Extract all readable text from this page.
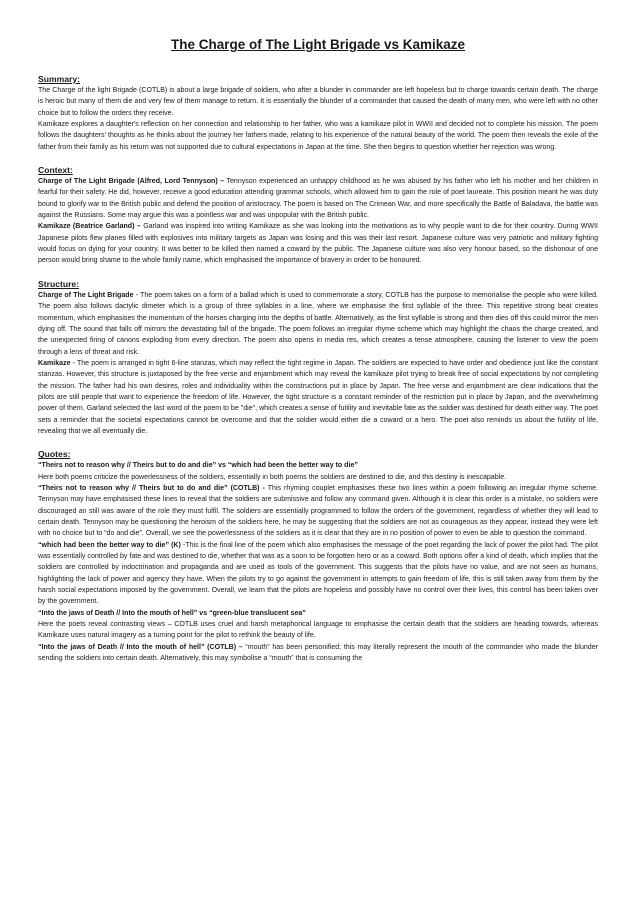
The Charge of The Light Brigade vs Kamikaze

Summary:

The Charge of the light Brigade (COTLB) is about a large brigade of soldiers, who after a blunder in commander are left hopeless but to charge towards certain death. The charge is heroic but many of them die and very few of them manage to return. It is essentially the blunder of a commander that caused the death of many men, who were left with no other choice but to follow the orders they receive.

Kamikaze explores a daughter's reflection on her connection and relationship to her father, who was a kamikaze pilot in WWII and decided not to complete his mission. The poem follows the daughters' thoughts as he thinks about the journey her fathers made, relating to his experience of the natural beauty of the world. The poem then reveals the exile of the father from their family as his return was not supported due to cultural expectations in Japan at the time. She then begins to question whether her rejection was wrong.

Context:

Charge of The Light Brigade (Alfred, Lord Tennyson) – Tennyson experienced an unhappy childhood as he was abused by his father who left his mother and her children in fearful for their safety. He did, however, receive a good education attending grammar schools, which allowed him to gain the role of poet laureate. This position meant he was duty bound to glorify war to the British public and defend the position of aristocracy. The poem is based on The Crimean War, and more specifically the Battle of Baladava, the battle was against the Russians. Some may argue this was a pointless war and was unpopular with the British public.

Kamikaze (Beatrice Garland) – Garland was inspired into writing Kamikaze as she was looking into the motivations as to why people want to die for their country. During WWII Japanese pilots flew planes filled with explosives into military targets as Japan was losing and this was their last resort. Japanese culture was very patriotic and military fighting would focus on dying for your country. It was better to be killed then named a coward by the public. The Japanese culture was also very honour based, so the dishonour of one person would bring shame to the whole family name, which emphasised the importance of bravery in order to be honoured.

Structure:

Charge of The Light Brigade - The poem takes on a form of a ballad which is used to commemorate a story, COTLB has the purpose to memorialise the people who were killed. The poem also follows dactylic dimeter which is a group of three syllables in a line, where we emphasise the first syllable of the three. This repetitive strong beat creates momentum, which emphasises the momentum of the horses charging into the depths of battle. Alternatively, as the first syllable is strong and then dies off this could mirror the men dying off. The sound that falls off mirrors the devastating fall of the brigade. The poem follows an irregular rhyme scheme which may highlight the chaos the charge created, and the unexpected firing of canons exploding from every direction. The poem also opens in media res, which creates a tense atmosphere, causing the listener to view the poem through a lens of threat and risk.

Kamikaze - The poem is arranged in tight 6-line stanzas, which may reflect the tight regime in Japan. The soldiers are expected to have order and obedience just like the constant stanzas. However, this structure is juxtaposed by the free verse and enjambment which may reveal the kamikaze pilot trying to break free of social expectations by not completing the mission. The father had his own desires, roles and individuality within the constructions put in place by Japan. The free verse and enjambment are clear indications that the pilots are still people that want to experience the freedom of life. However, the tight structure is a constant reminder of the restriction put in place by Japan, and the overwhelming power of them. Garland selected the last word of the poem to be "die", which creates a sense of futility and inevitable fate as the soldier was destined for death either way. The poet sets a reminder that the societal expectations cannot be overcome and that the soldier would either die a coward or a hero. The poet also reminds us about the futility of life, revealing that we all eventually die.

Quotes:

“Theirs not to reason why // Theirs but to do and die” vs “which had been the better way to die”

Here both poems criticize the powerlessness of the soldiers, essentially in both poems the soldiers are destined to die, and this destiny is inescapable.

“Theirs not to reason why // Theirs but to do and die” (COTLB) - This rhyming couplet emphasises these two lines within a poem following an irregular rhyme scheme. Tennyson may have emphasised these lines to reveal that the soldiers are submissive and follow any command given. Although it is clear this order is a mistake, no soldiers were discouraged an still was aware of the role they must fulfil. The soldiers are essentially programmed to follow the orders of the government, regardless of whether they will lead to certain death. Tennyson may be questioning the heroism of the soldiers here, he may be suggesting that the soldiers are not as courageous as they appear, instead they were left with no choice but to “do and die”. Overall, we see the powerlessness of the soldiers as it is clear that they are in no position of power to even be able to question the command.

“which had been the better way to die” (K) -This is the final line of the poem which also emphasises the message of the poet regarding the lack of power the pilot had. The pilot was essentially controlled by fate and was destined to die, whether that was as a soon to be forgotten hero or as a coward. Both options offer a kind of death, which implies that the soldiers are controlled by indoctrination and propaganda and are used as tools of the government. This suggests that the pilots have no value, and are not seen as humans, highlighting the lack of power and agency they have. When the pilots try to go against the government in attempts to gain freedom of life, this is still taken away from them by the harsh social expectations imposed by the government. Overall, we learn that the pilots are hopeless and possibly have no control over their lives, this control has been taken over by the government.

“Into the jaws of Death // Into the mouth of hell” vs “green-blue translucent sea”

Here the poets reveal contrasting views – COTLB uses cruel and harsh metaphorical language to emphasise the certain death that the soldiers are heading towards, whereas Kamikaze uses natural imagery as a turning point for the pilot to rethink the beauty of life.

“Into the jaws of Death // Into the mouth of hell” (COTLB) – “mouth” has been personified; this may literally represent the mouth of the commander who made the blunder sending the soldiers into certain death. Alternatively, this may symbolise a “mouth” that is consuming the
